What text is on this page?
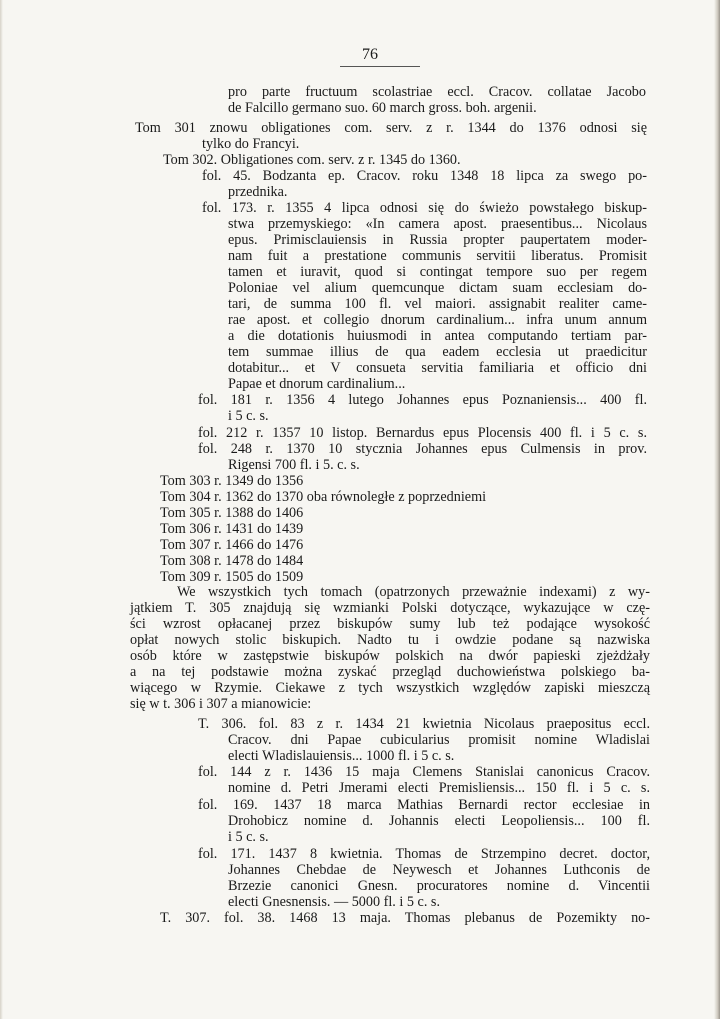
76
pro parte fructuum scolastriae eccl. Cracov. collatae Jacobo
de Falcillo germano suo. 60 march gross. boh. argenii.
Tom 301 znowu obligationes com. serv. z r. 1344 do 1376 odnosi się
tylko do Francyi.
Tom 302. Obligationes com. serv. z r. 1345 do 1360.
fol. 45. Bodzanta ep. Cracov. roku 1348 18 lipca za swego po-
przednika.
fol. 173. r. 1355 4 lipca odnosi się do świeżo powstałego biskup-
stwa przemyskiego: «In camera apost. praesentibus... Nicolaus
epus. Primisclauiensis in Russia propter paupertatem moder-
nam fuit a prestatione communis servitii liberatus. Promisit
tamen et iuravit, quod si contingat tempore suo per regem
Poloniae vel alium quemcunque dictam suam ecclesiam do-
tari, de summa 100 fl. vel maiori. assignabit realiter came-
rae apost. et collegio dnorum cardinalium... infra unum annum
a die dotationis huiusmodi in antea computando tertiam par-
tem summae illius de qua eadem ecclesia ut praedicitur
dotabitur... et V consueta servitia familiaria et officio dni
Papae et dnorum cardinalium...
fol. 181 r. 1356 4 lutego Johannes epus Poznaniensis... 400 fl.
i 5 c. s.
fol. 212 r. 1357 10 listop. Bernardus epus Plocensis 400 fl. i 5 c. s.
fol. 248 r. 1370 10 stycznia Johannes epus Culmensis in prov.
Rigensi 700 fl. i 5. c. s.
Tom 303 r. 1349 do 1356
Tom 304 r. 1362 do 1370 oba równoległe z poprzedniemi
Tom 305 r. 1388 do 1406
Tom 306 r. 1431 do 1439
Tom 307 r. 1466 do 1476
Tom 308 r. 1478 do 1484
Tom 309 r. 1505 do 1509
We wszystkich tych tomach (opatrzonych przeważnie indexami) z wy-
jątkiem T. 305 znajdują się wzmianki Polski dotyczące, wykazujące w czę-
ści wzrost opłacanej przez biskupów sumy lub też podające wysokość
opłat nowych stolic biskupich. Nadto tu i owdzie podane są nazwiska
osób które w zastępstwie biskupów polskich na dwór papieski zjeżdżały
a na tej podstawie można zyskać przegląd duchowieństwa polskiego ba-
wiącego w Rzymie. Ciekawe z tych wszystkich względów zapiski mieszczą
się w t. 306 i 307 a mianowicie:
T. 306. fol. 83 z r. 1434 21 kwietnia Nicolaus praepositus eccl.
Cracov. dni Papae cubicularius promisit nomine Wladislai
electi Wladislauiensis... 1000 fl. i 5 c. s.
fol. 144 z r. 1436 15 maja Clemens Stanislai canonicus Cracov.
nomine d. Petri Jmerami electi Premisliensis... 150 fl. i 5 c. s.
fol. 169. 1437 18 marca Mathias Bernardi rector ecclesiae in
Drohobicz nomine d. Johannis electi Leopoliensis... 100 fl.
i 5 c. s.
fol. 171. 1437 8 kwietnia. Thomas de Strzempino decret. doctor,
Johannes Chebdae de Neywesch et Johannes Luthconis de
Brzezie canonici Gnesn. procuratores nomine d. Vincentii
electi Gnesnensis. — 5000 fl. i 5 c. s.
T. 307. fol. 38. 1468 13 maja. Thomas plebanus de Pozemikty no-
